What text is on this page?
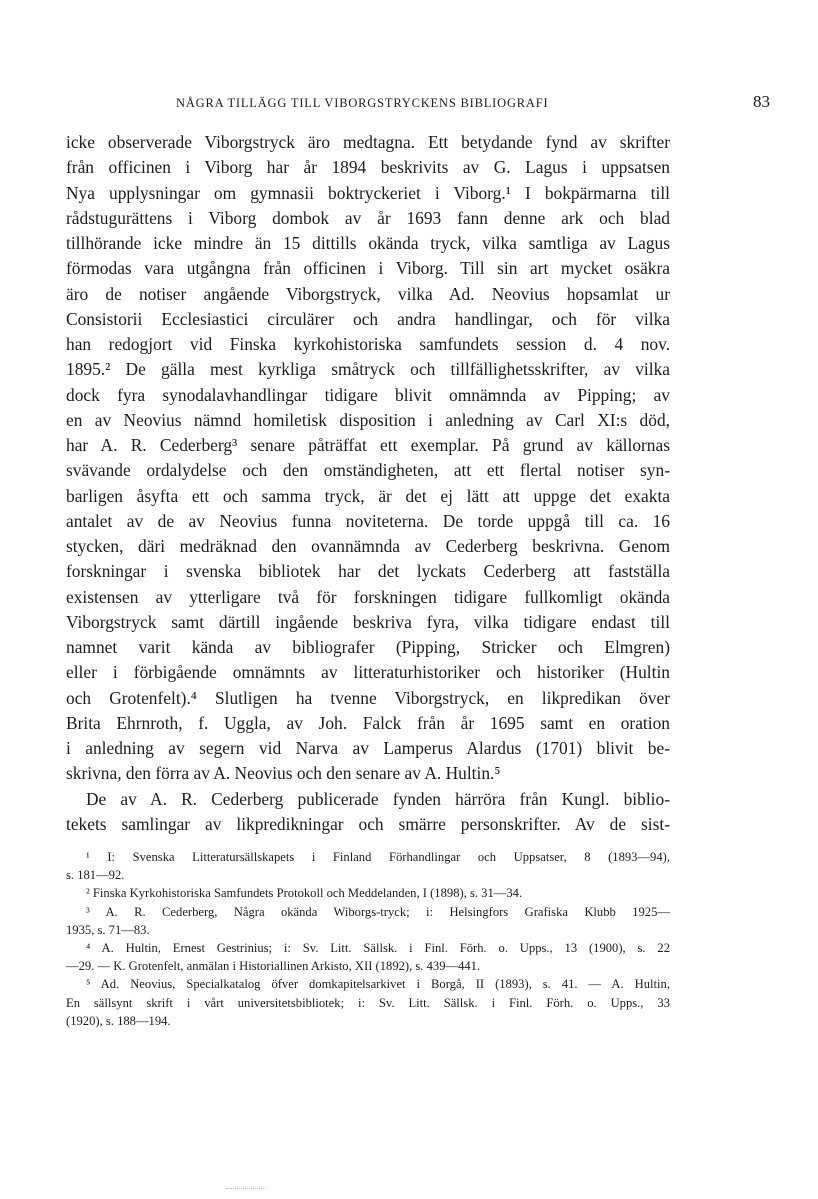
NÅGRA TILLÄGG TILL VIBORGSTRYCKENS BIBLIOGRAFI	83
icke observerade Viborgstryck äro medtagna. Ett betydande fynd av skrifter
från officinen i Viborg har år 1894 beskrivits av G. Lagus i uppsatsen
Nya upplysningar om gymnasii boktryckeriet i Viborg.¹ I bokpärmarna till
rådstugurättens i Viborg dombok av år 1693 fann denne ark och blad
tillhörande icke mindre än 15 dittills okända tryck, vilka samtliga av Lagus
förmodas vara utgångna från officinen i Viborg. Till sin art mycket osäkra
äro de notiser angående Viborgstryck, vilka Ad. Neovius hopsamlat ur
Consistorii Ecclesiastici circulärer och andra handlingar, och för vilka
han redogjort vid Finska kyrkohistoriska samfundets session d. 4 nov.
1895.² De gälla mest kyrkliga småtryck och tillfällighetsskrifter, av vilka
dock fyra synodalavhandlingar tidigare blivit omnämnda av Pipping; av
en av Neovius nämnd homiletisk disposition i anledning av Carl XI:s död,
har A. R. Cederberg³ senare påträffat ett exemplar. På grund av källornas
svävande ordalydelse och den omständigheten, att ett flertal notiser syn-
barligen åsyfta ett och samma tryck, är det ej lätt att uppge det exakta
antalet av de av Neovius funna noviteterna. De torde uppgå till ca. 16
stycken, däri medräknad den ovannämnda av Cederberg beskrivna. Genom
forskningar i svenska bibliotek har det lyckats Cederberg att fastställa
existensen av ytterligare två för forskningen tidigare fullkomligt okända
Viborgstryck samt därtill ingående beskriva fyra, vilka tidigare endast till
namnet varit kända av bibliografer (Pipping, Stricker och Elmgren)
eller i förbigående omnämnts av litteraturhistoriker och historiker (Hultin
och Grotenfelt).⁴ Slutligen ha tvenne Viborgstryck, en likpredikan över
Brita Ehrnroth, f. Uggla, av Joh. Falck från år 1695 samt en oration
i anledning av segern vid Narva av Lamperus Alardus (1701) blivit be-
skrivna, den förra av A. Neovius och den senare av A. Hultin.⁵
De av A. R. Cederberg publicerade fynden härröra från Kungl. biblio-
tekets samlingar av likpredikningar och smärre personskrifter. Av de sist-
¹ I: Svenska Litteratursällskapets i Finland Förhandlingar och Uppsatser, 8 (1893—94),
s. 181—92.
² Finska Kyrkohistoriska Samfundets Protokoll och Meddelanden, I (1898), s. 31—34.
³ A. R. Cederberg, Några okända Wiborgs-tryck; i: Helsingfors Grafiska Klubb 1925—
1935, s. 71—83.
⁴ A. Hultin, Ernest Gestrinius; i: Sv. Litt. Sällsk. i Finl. Förh. o. Upps., 13 (1900), s. 22
—29. — K. Grotenfelt, anmälan i Historiallinen Arkisto, XII (1892), s. 439—441.
⁵ Ad. Neovius, Specialkatalog öfver domkapitelsarkivet i Borgå, II (1893), s. 41. — A. Hultin,
En sällsynt skrift i vårt universitetsbibliotek; i: Sv. Litt. Sällsk. i Finl. Förh. o. Upps., 33
(1920), s. 188—194.
